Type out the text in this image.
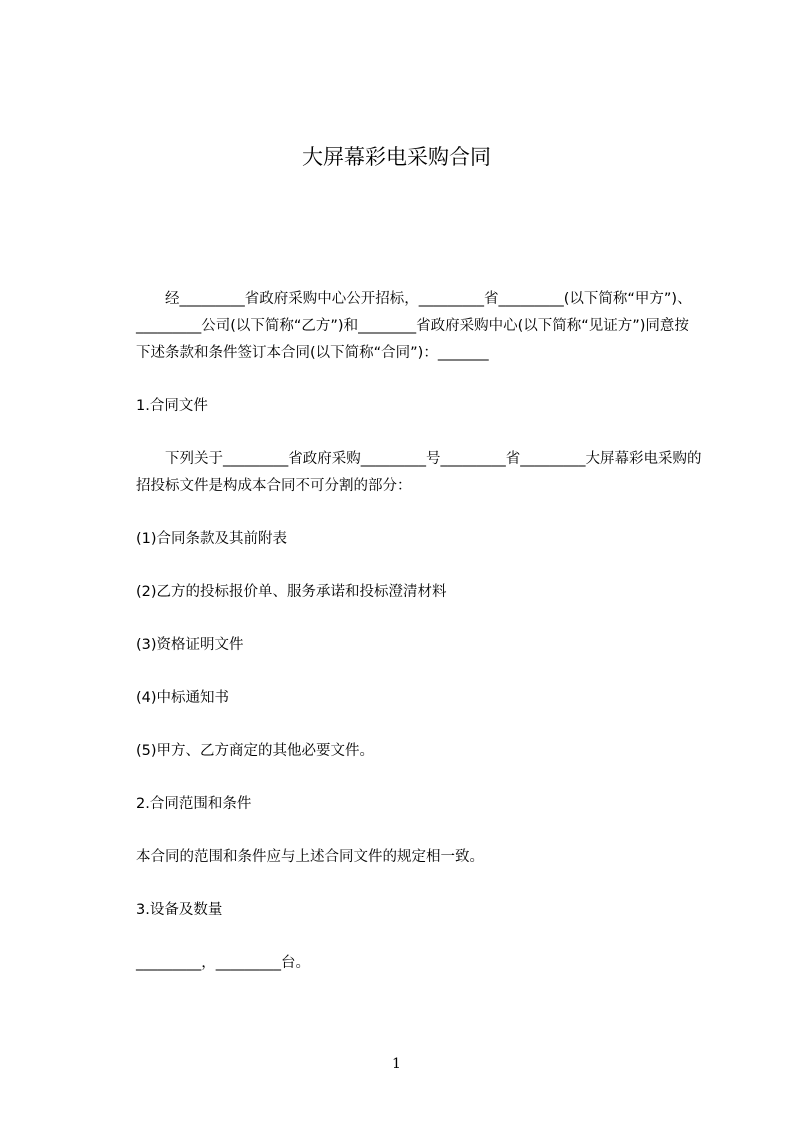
大屏幕彩电采购合同

经_________省政府采购中心公开招标，_________省_________(以下简称“甲方”)、_________公司(以下简称“乙方”)和________省政府采购中心(以下简称“见证方”)同意按下述条款和条件签订本合同(以下简称“合同”)：_______

1.合同文件

下列关于_________省政府采购_________号_________省_________大屏幕彩电采购的招投标文件是构成本合同不可分割的部分：

(1)合同条款及其前附表

(2)乙方的投标报价单、服务承诺和投标澄清材料

(3)资格证明文件

(4)中标通知书

(5)甲方、乙方商定的其他必要文件。

2.合同范围和条件

本合同的范围和条件应与上述合同文件的规定相一致。

3.设备及数量

_________，_________台。

1
